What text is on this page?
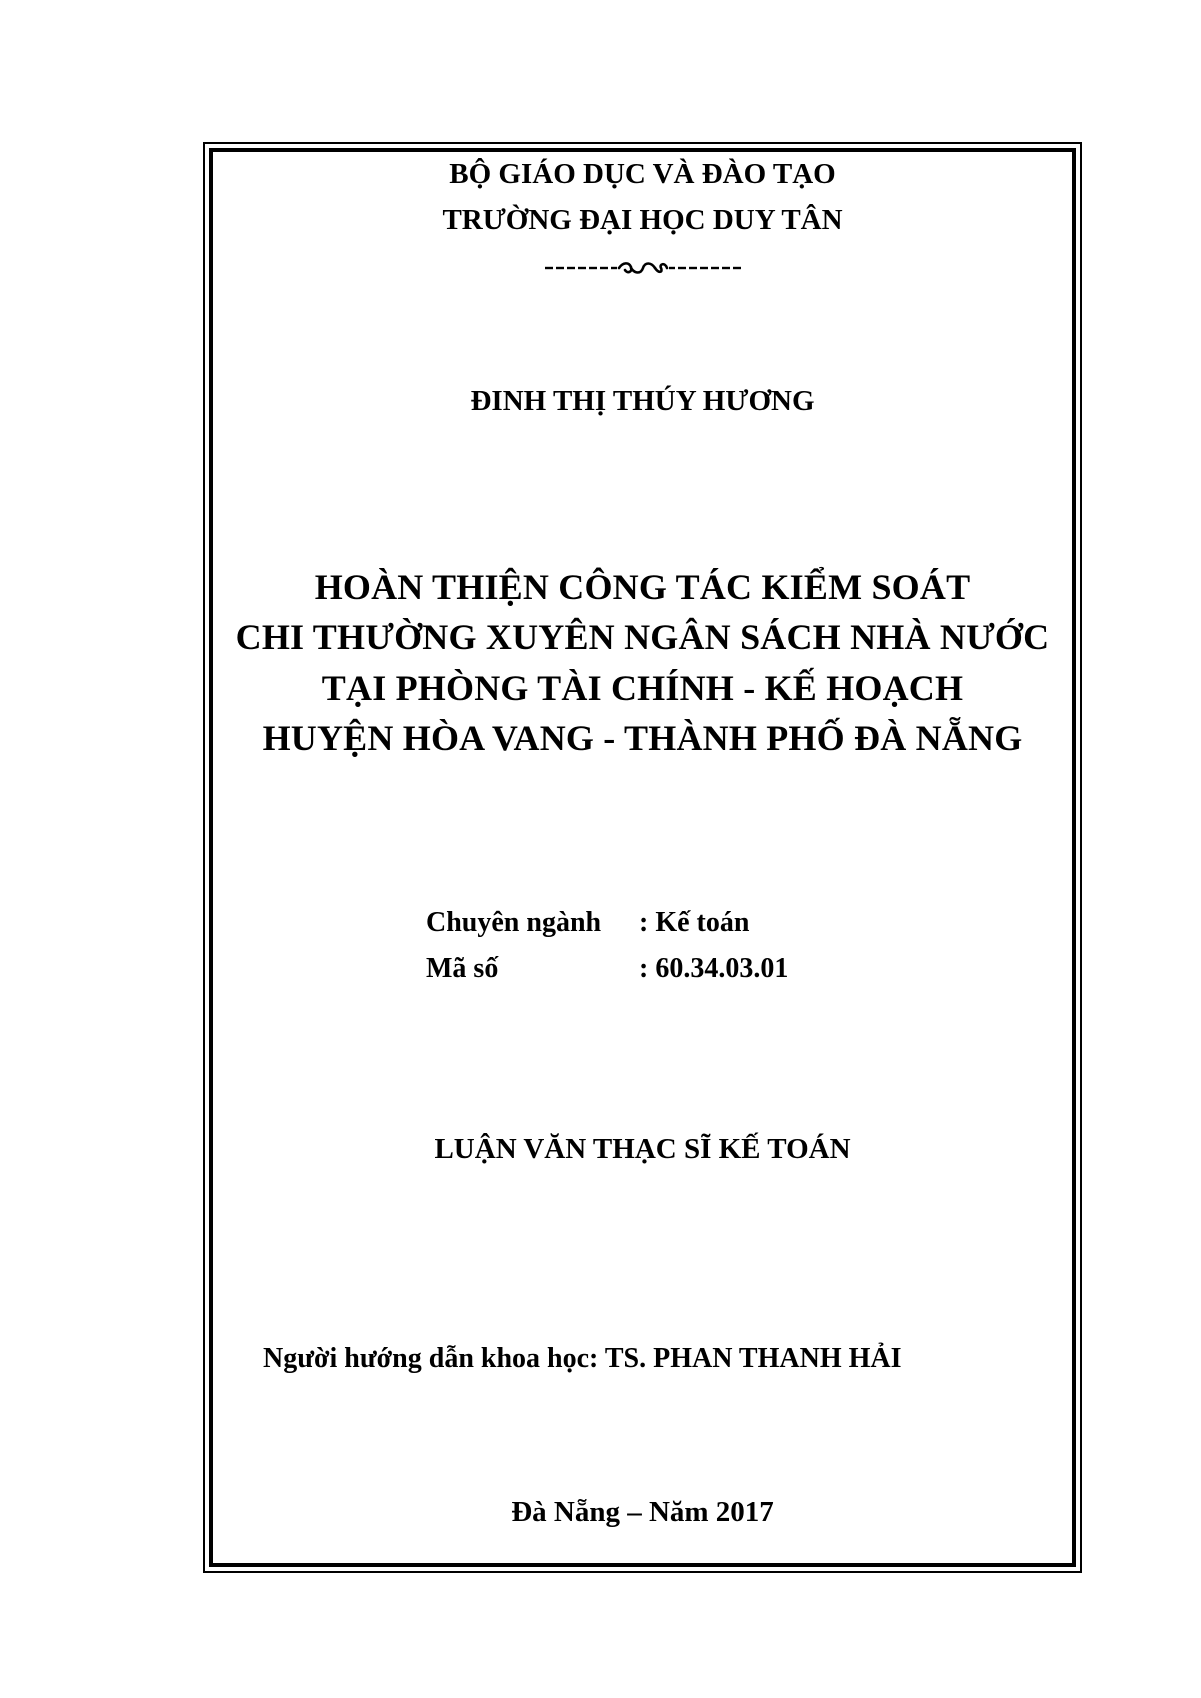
BỘ GIÁO DỤC VÀ ĐÀO TẠO

TRƯỜNG ĐẠI HỌC DUY TÂN

ĐINH THỊ THÚY HƯƠNG

HOÀN THIỆN CÔNG TÁC KIỂM SOÁT

CHI THƯỜNG XUYÊN NGÂN SÁCH NHÀ NƯỚC

TẠI PHÒNG TÀI CHÍNH - KẾ HOẠCH

HUYỆN HÒA VANG - THÀNH PHỐ ĐÀ NẴNG

Chuyên ngành : Kế toán
Mã số	: 60.34.03.01

LUẬN VĂN THẠC SĨ KẾ TOÁN

Người hướng dẫn khoa học: TS. PHAN THANH HẢI

Đà Nẵng – Năm 2017
